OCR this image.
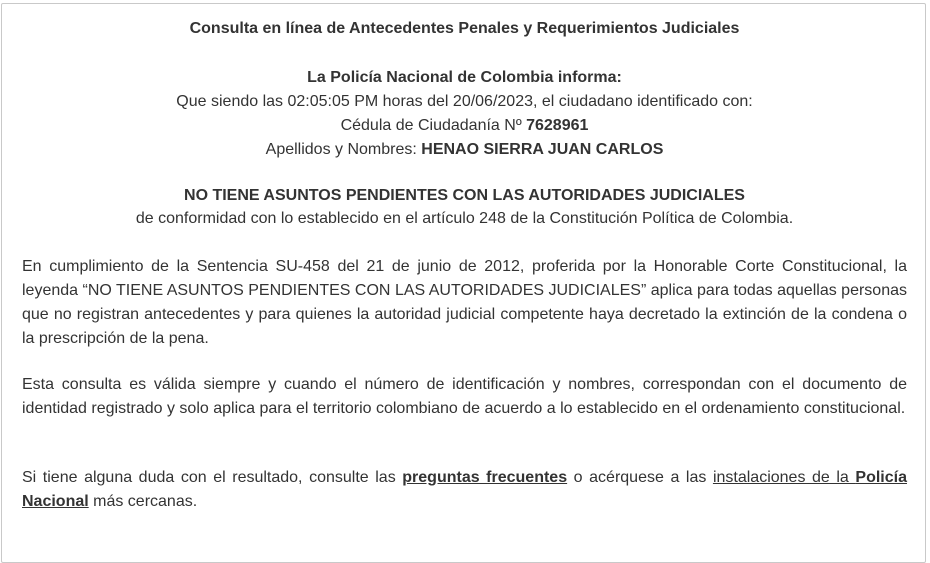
Consulta en línea de Antecedentes Penales y Requerimientos Judiciales
La Policía Nacional de Colombia informa:
Que siendo las 02:05:05 PM horas del 20/06/2023, el ciudadano identificado con:
Cédula de Ciudadanía Nº 7628961
Apellidos y Nombres: HENAO SIERRA JUAN CARLOS
NO TIENE ASUNTOS PENDIENTES CON LAS AUTORIDADES JUDICIALES
de conformidad con lo establecido en el artículo 248 de la Constitución Política de Colombia.
En cumplimiento de la Sentencia SU-458 del 21 de junio de 2012, proferida por la Honorable Corte Constitucional, la leyenda “NO TIENE ASUNTOS PENDIENTES CON LAS AUTORIDADES JUDICIALES” aplica para todas aquellas personas que no registran antecedentes y para quienes la autoridad judicial competente haya decretado la extinción de la condena o la prescripción de la pena.
Esta consulta es válida siempre y cuando el número de identificación y nombres, correspondan con el documento de identidad registrado y solo aplica para el territorio colombiano de acuerdo a lo establecido en el ordenamiento constitucional.
Si tiene alguna duda con el resultado, consulte las preguntas frecuentes o acérquese a las instalaciones de la Policía Nacional más cercanas.
